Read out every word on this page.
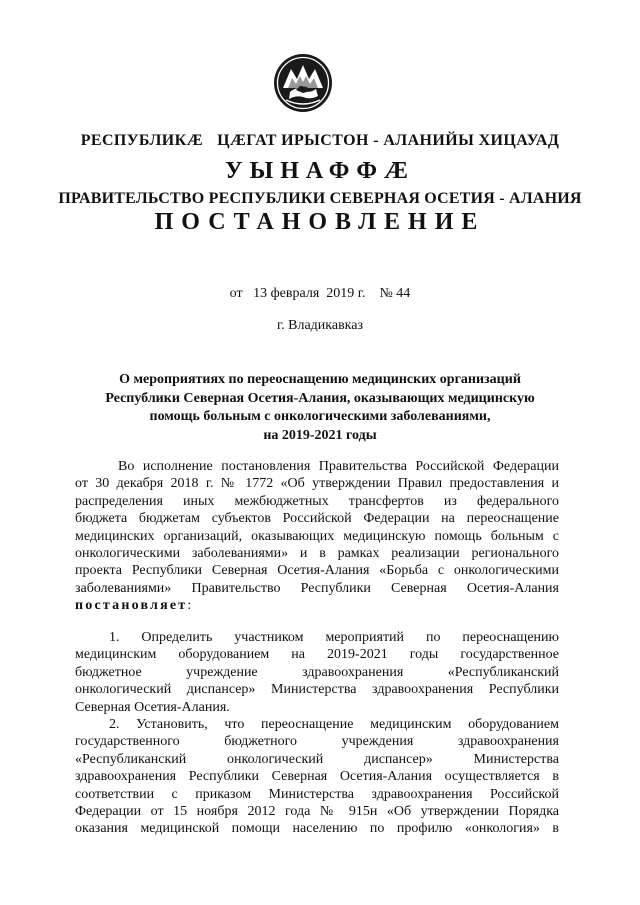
РЕСПУБЛИКÆ ЦÆГАТ ИРЫСТОН - АЛАНИЙЫ ХИЦАУАД
УЫНАФФÆ
ПРАВИТЕЛЬСТВО РЕСПУБЛИКИ СЕВЕРНАЯ ОСЕТИЯ - АЛАНИЯ
ПОСТАНОВЛЕНИЕ
от 13 февраля 2019 г. № 44
г. Владикавказ
О мероприятиях по переоснащению медицинских организаций
Республики Северная Осетия-Алания, оказывающих медицинскую
помощь больным с онкологическими заболеваниями,
на 2019-2021 годы
Во исполнение постановления Правительства Российской Федерации
от 30 декабря 2018 г. № 1772 «Об утверждении Правил предоставления и
распределения иных межбюджетных трансфертов из федерального
бюджета бюджетам субъектов Российской Федерации на переоснащение
медицинских организаций, оказывающих медицинскую помощь больным с
онкологическими заболеваниями» и в рамках реализации регионального
проекта Республики Северная Осетия-Алания «Борьба с онкологическими
заболеваниями» Правительство Республики Северная Осетия-Алания
постановляет:
1. Определить участником мероприятий по переоснащению
медицинским оборудованием на 2019-2021 годы государственное
бюджетное учреждение здравоохранения «Республиканский
онкологический диспансер» Министерства здравоохранения Республики
Северная Осетия-Алания.
2. Установить, что переоснащение медицинским оборудованием
государственного бюджетного учреждения здравоохранения
«Республиканский онкологический диспансер» Министерства
здравоохранения Республики Северная Осетия-Алания осуществляется в
соответствии с приказом Министерства здравоохранения Российской
Федерации от 15 ноября 2012 года № 915н «Об утверждении Порядка
оказания медицинской помощи населению по профилю «онкология» в
